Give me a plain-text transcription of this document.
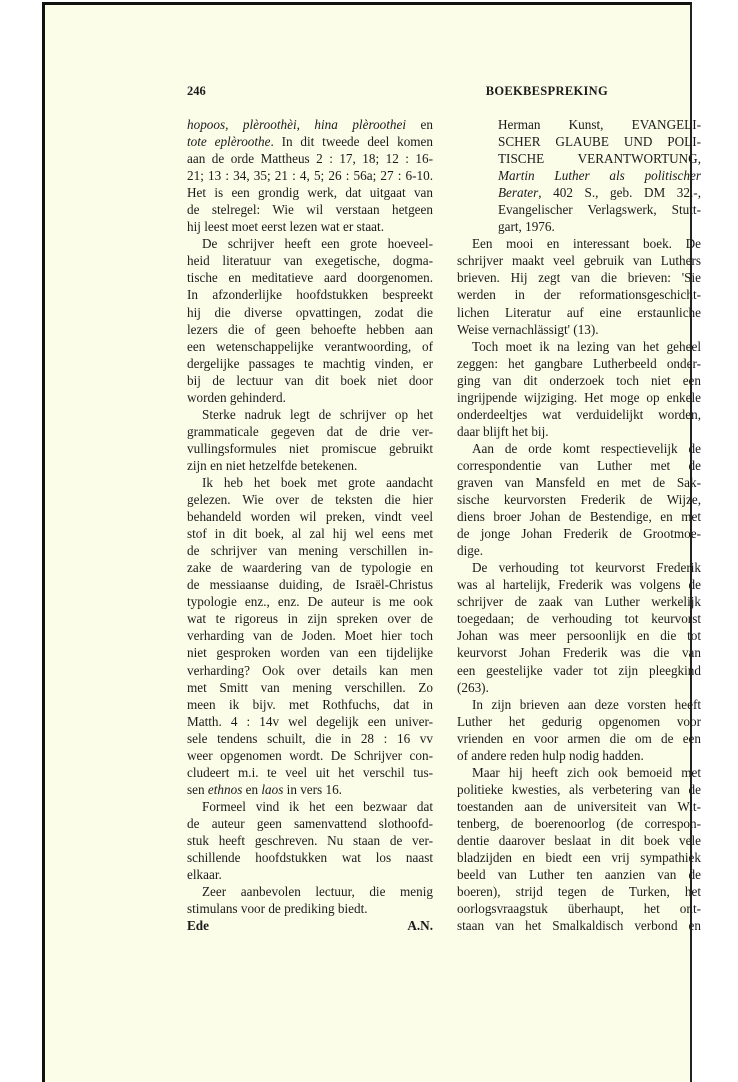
246	BOEKBESPREKING
hopoos, plèroothèi, hina plèroothei en
tote eplèroothe. In dit tweede deel komen
aan de orde Mattheus 2 : 17, 18; 12 : 16-
21; 13 : 34, 35; 21 : 4, 5; 26 : 56a; 27 : 6-10.
Het is een grondig werk, dat uitgaat van
de stelregel: Wie wil verstaan hetgeen
hij leest moet eerst lezen wat er staat.
De schrijver heeft een grote hoeveel-
heid literatuur van exegetische, dogma-
tische en meditatieve aard doorgenomen.
In afzonderlijke hoofdstukken bespreekt
hij die diverse opvattingen, zodat die
lezers die of geen behoefte hebben aan
een wetenschappelijke verantwoording, of
dergelijke passages te machtig vinden, er
bij de lectuur van dit boek niet door
worden gehinderd.
Sterke nadruk legt de schrijver op het
grammaticale gegeven dat de drie ver-
vullingsformules niet promiscue gebruikt
zijn en niet hetzelfde betekenen.
Ik heb het boek met grote aandacht
gelezen. Wie over de teksten die hier
behandeld worden wil preken, vindt veel
stof in dit boek, al zal hij wel eens met
de schrijver van mening verschillen in-
zake de waardering van de typologie en
de messiaanse duiding, de Israël-Christus
typologie enz., enz. De auteur is me ook
wat te rigoreus in zijn spreken over de
verharding van de Joden. Moet hier toch
niet gesproken worden van een tijdelijke
verharding? Ook over details kan men
met Smitt van mening verschillen. Zo
meen ik bijv. met Rothfuchs, dat in
Matth. 4 : 14v wel degelijk een univer-
sele tendens schuilt, die in 28 : 16 vv
weer opgenomen wordt. De Schrijver con-
cludeert m.i. te veel uit het verschil tus-
sen ethnos en laos in vers 16.
Formeel vind ik het een bezwaar dat
de auteur geen samenvattend slothoofd-
stuk heeft geschreven. Nu staan de ver-
schillende hoofdstukken wat los naast
elkaar.
Zeer aanbevolen lectuur, die menig
stimulans voor de prediking biedt.
Ede	A.N.
Herman Kunst, EVANGELI-
SCHER GLAUBE UND POLI-
TISCHE VERANTWORTUNG,
Martin Luther als politischer
Berater, 402 S., geb. DM 32.-,
Evangelischer Verlagswerk, Stutt-
gart, 1976.
Een mooi en interessant boek. De
schrijver maakt veel gebruik van Luthers
brieven. Hij zegt van die brieven: 'Sie
werden in der reformationsgeschicht-
lichen Literatur auf eine erstaunliche
Weise vernachlässigt' (13).
Toch moet ik na lezing van het geheel
zeggen: het gangbare Lutherbeeld onder-
ging van dit onderzoek toch niet een
ingrijpende wijziging. Het moge op enkele
onderdeeltjes wat verduidelijkt worden,
daar blijft het bij.
Aan de orde komt respectievelijk de
correspondentie van Luther met de
graven van Mansfeld en met de Sak-
sische keurvorsten Frederik de Wijze,
diens broer Johan de Bestendige, en met
de jonge Johan Frederik de Grootmoe-
dige.
De verhouding tot keurvorst Frederik
was al hartelijk, Frederik was volgens de
schrijver de zaak van Luther werkelijk
toegedaan; de verhouding tot keurvorst
Johan was meer persoonlijk en die tot
keurvorst Johan Frederik was die van
een geestelijke vader tot zijn pleegkind
(263).
In zijn brieven aan deze vorsten heeft
Luther het gedurig opgenomen voor
vrienden en voor armen die om de een
of andere reden hulp nodig hadden.
Maar hij heeft zich ook bemoeid met
politieke kwesties, als verbetering van de
toestanden aan de universiteit van Wit-
tenberg, de boerenoorlog (de correspon-
dentie daarover beslaat in dit boek vele
bladzijden en biedt een vrij sympathiek
beeld van Luther ten aanzien van de
boeren), strijd tegen de Turken, het
oorlogsvraagstuk überhaupt, het ont-
staan van het Smalkaldisch verbond en
